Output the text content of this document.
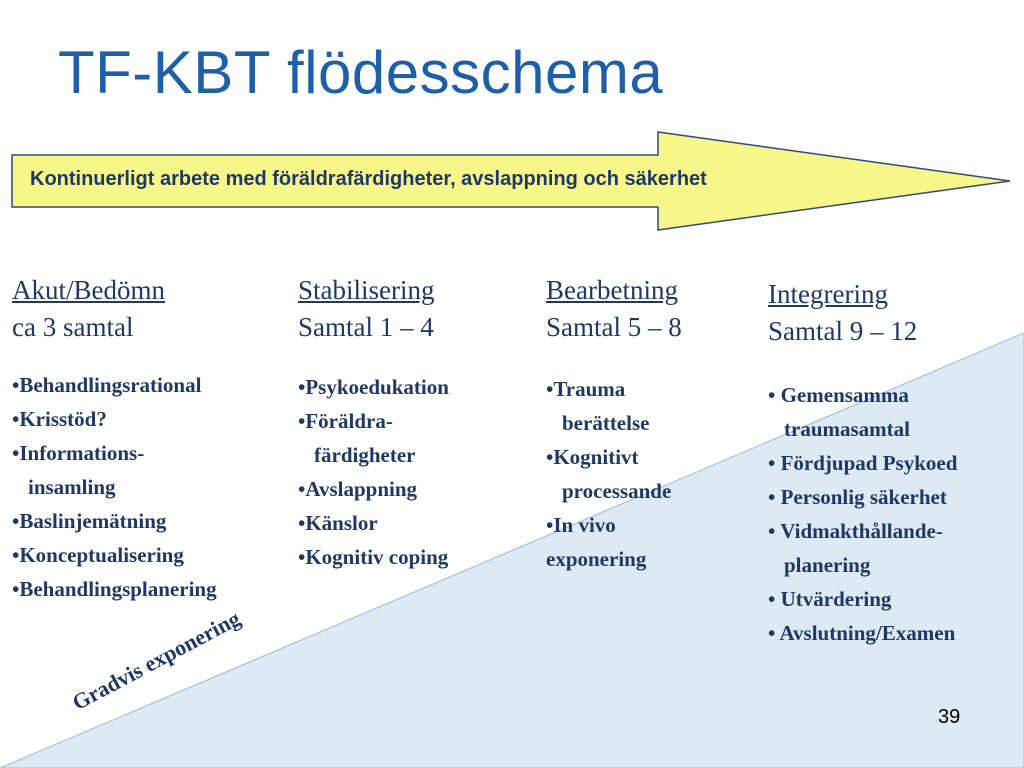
TF-KBT flödesschema
Kontinuerligt arbete med föräldrafärdigheter, avslappning och säkerhet
Akut/Bedömn
ca 3 samtal
•Behandlingsrational
•Krisstöd?
•Informations-
insamling
•Baslinjemätning
•Konceptualisering
•Behandlingsplanering
Stabilisering
Samtal 1 – 4
•Psykoedukation
•Föräldra-
färdigheter
•Avslappning
•Känslor
•Kognitiv coping
Bearbetning
Samtal 5 – 8
•Trauma
berättelse
•Kognitivt
processande
•In vivo
exponering
Integrering
Samtal 9 – 12
• Gemensamma
traumasamtal
• Fördjupad Psykoed
• Personlig säkerhet
• Vidmakthållande-
planering
• Utvärdering
• Avslutning/Examen
Gradvis exponering
39
